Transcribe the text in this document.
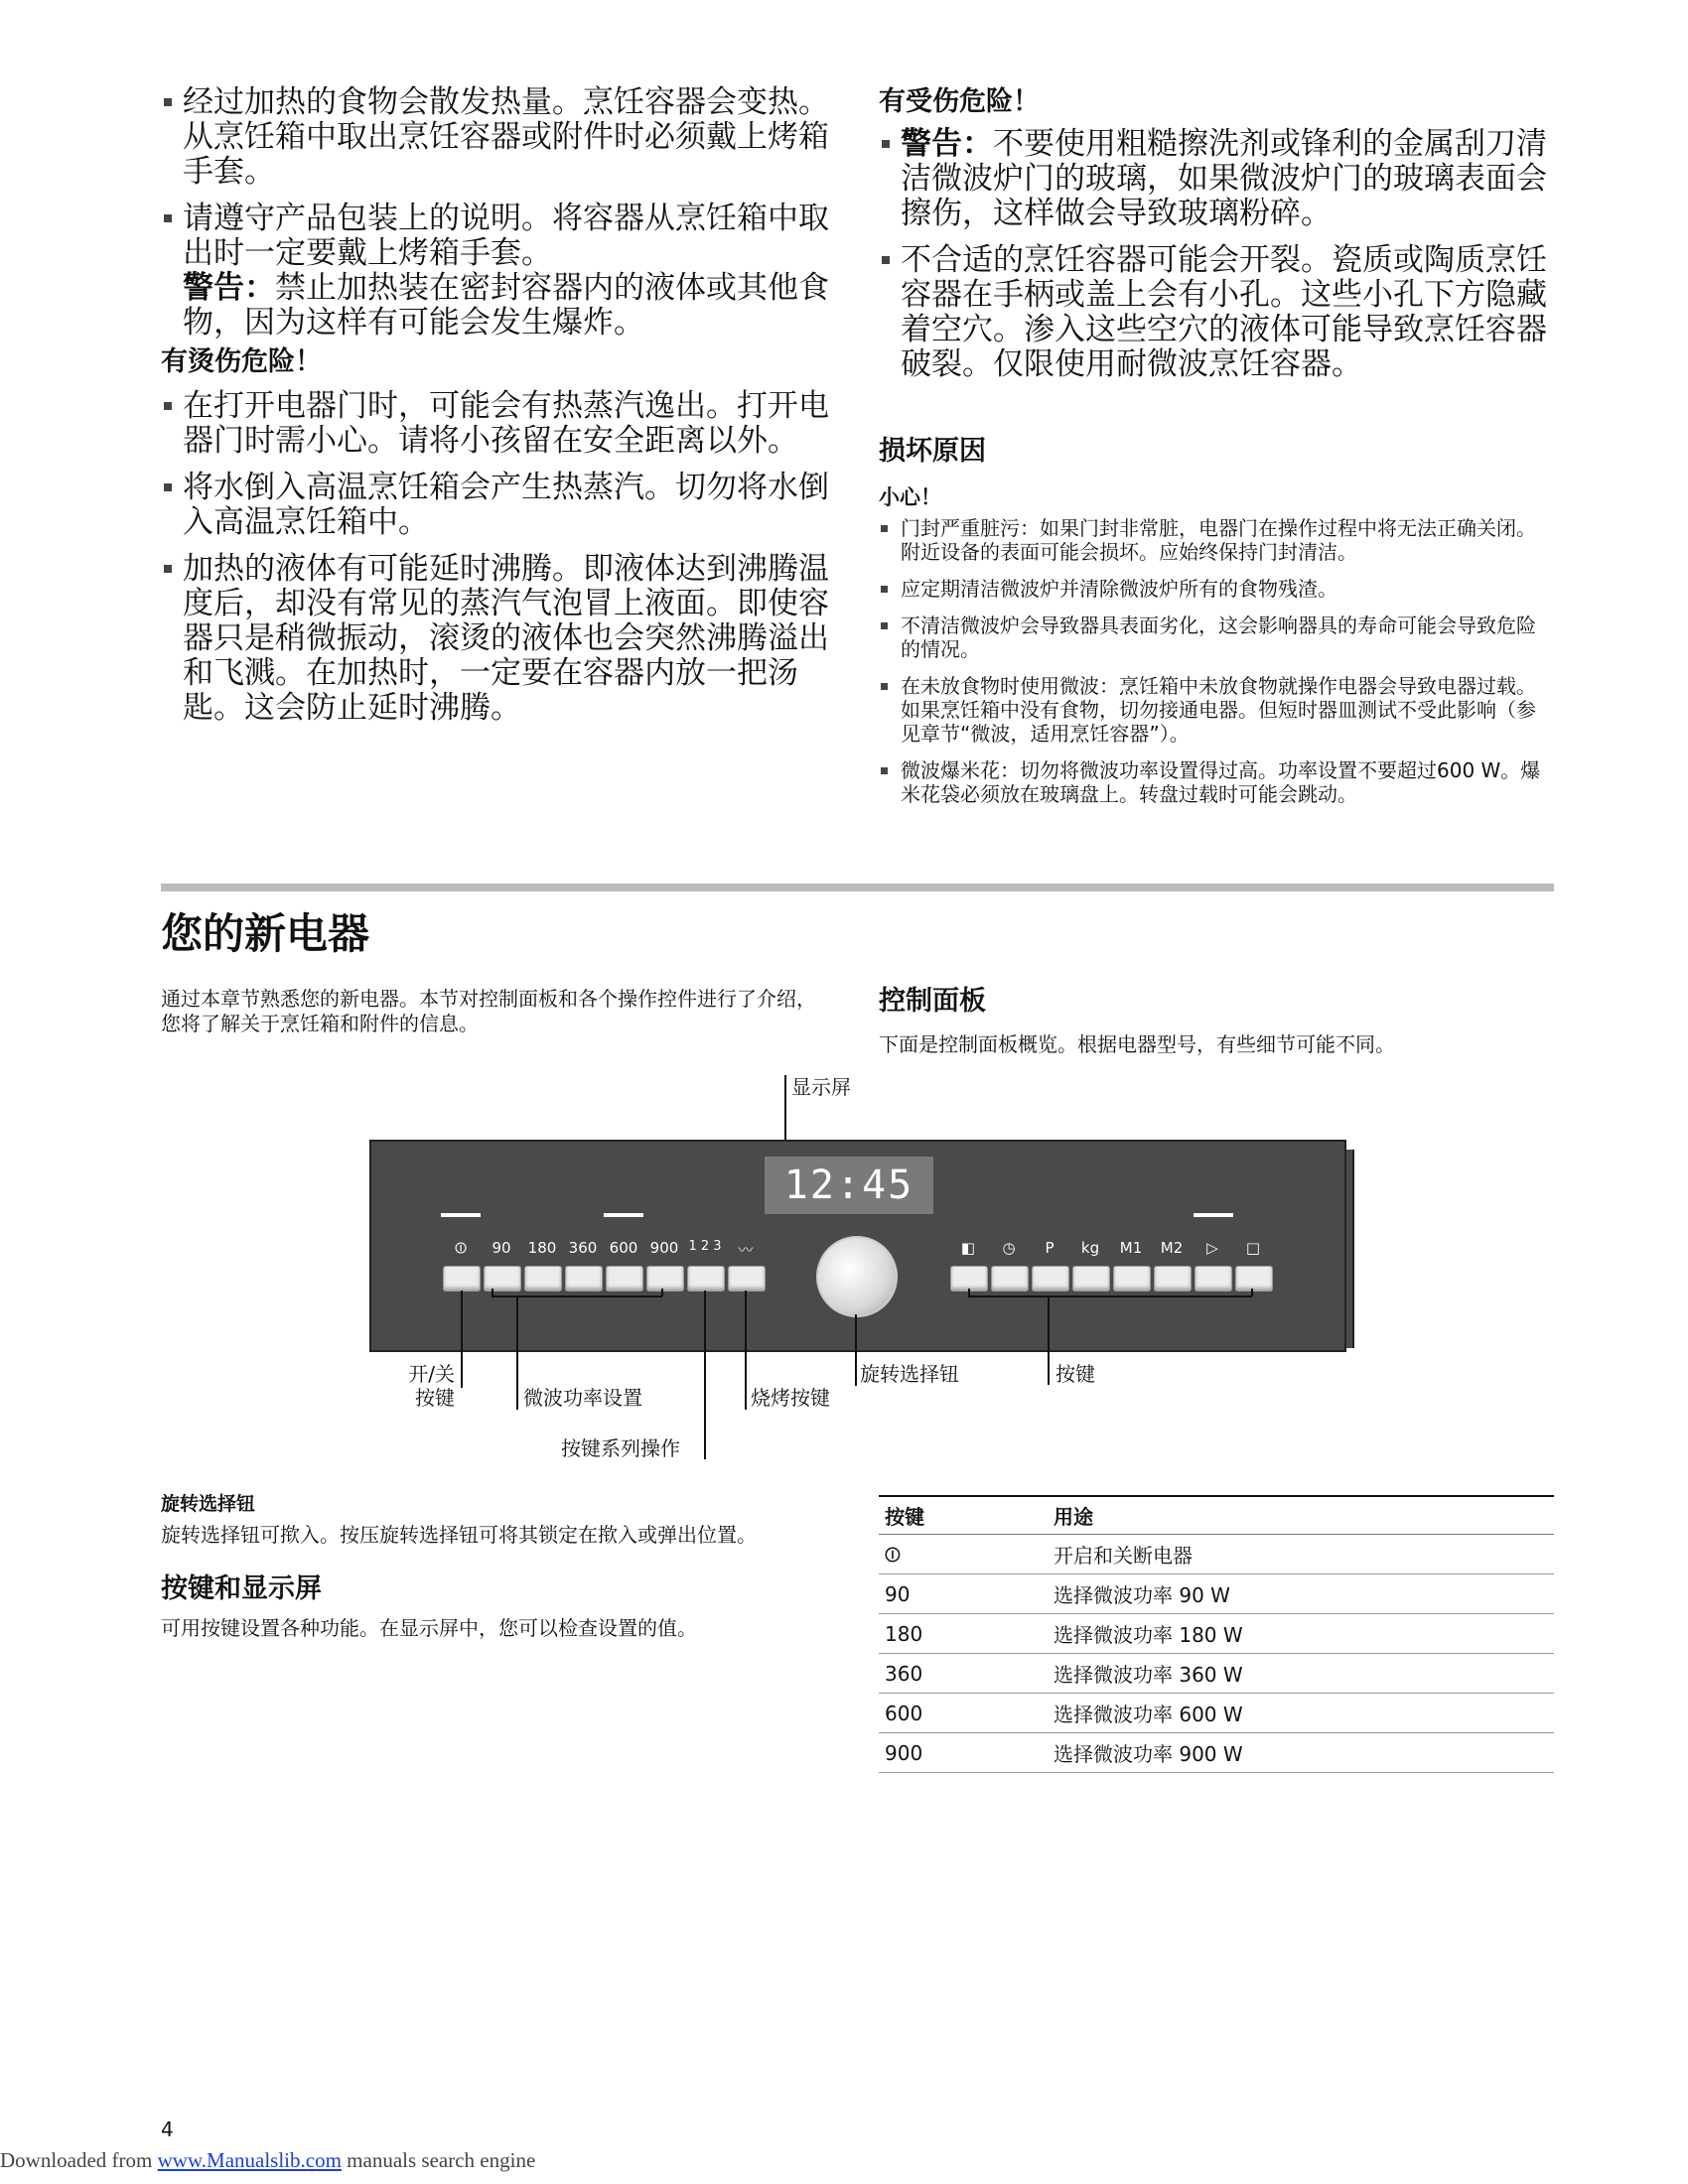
经过加热的食物会散发热量。烹饪容器会变热。从烹饪箱中取出烹饪容器或附件时必须戴上烤箱手套。
请遵守产品包装上的说明。将容器从烹饪箱中取出时一定要戴上烤箱手套。
警告：禁止加热装在密封容器内的液体或其他食物，因为这样有可能会发生爆炸。
有烫伤危险！
在打开电器门时，可能会有热蒸汽逸出。打开电器门时需小心。请将小孩留在安全距离以外。
将水倒入高温烹饪箱会产生热蒸汽。切勿将水倒入高温烹饪箱中。
加热的液体有可能延时沸腾。即液体达到沸腾温度后，却没有常见的蒸汽气泡冒上液面。即使容器只是稍微振动，滚烫的液体也会突然沸腾溢出和飞溅。在加热时，一定要在容器内放一把汤匙。这会防止延时沸腾。
有受伤危险！
警告：不要使用粗糙擦洗剂或锋利的金属刮刀清洁微波炉门的玻璃，如果微波炉门的玻璃表面会擦伤，这样做会导致玻璃粉碎。
不合适的烹饪容器可能会开裂。瓷质或陶质烹饪容器在手柄或盖上会有小孔。这些小孔下方隐藏着空穴。渗入这些空穴的液体可能导致烹饪容器破裂。仅限使用耐微波烹饪容器。
损坏原因
小心！
门封严重脏污：如果门封非常脏，电器门在操作过程中将无法正确关闭。附近设备的表面可能会损坏。应始终保持门封清洁。
应定期清洁微波炉并清除微波炉所有的食物残渣。
不清洁微波炉会导致器具表面劣化，这会影响器具的寿命可能会导致危险的情况。
在未放食物时使用微波：烹饪箱中未放食物就操作电器会导致电器过载。如果烹饪箱中没有食物，切勿接通电器。但短时器皿测试不受此影响（参见章节“微波，适用烹饪容器”）。
微波爆米花：切勿将微波功率设置得过高。功率设置不要超过600 W。爆米花袋必须放在玻璃盘上。转盘过载时可能会跳动。
您的新电器
通过本章节熟悉您的新电器。本节对控制面板和各个操作控件进行了介绍，您将了解关于烹饪箱和附件的信息。
控制面板
下面是控制面板概览。根据电器型号，有些细节可能不同。
显示屏
12:45
⏼	90	180 360 600 900 1 2 3	〰	◧	◷	P	kg	M1	M2	▷	□
开/关
按键	微波功率设置
按键系列操作
烧烤按键
旋转选择钮	按键
旋转选择钮
旋转选择钮可揿入。按压旋转选择钮可将其锁定在揿入或弹出位置。
按键和显示屏
可用按键设置各种功能。在显示屏中，您可以检查设置的值。
按键	用途
⏼	开启和关断电器
90	选择微波功率 90 W
180	选择微波功率 180 W
360	选择微波功率 360 W
600	选择微波功率 600 W
900	选择微波功率 900 W
4
Downloaded from www.Manualslib.com manuals search engine
